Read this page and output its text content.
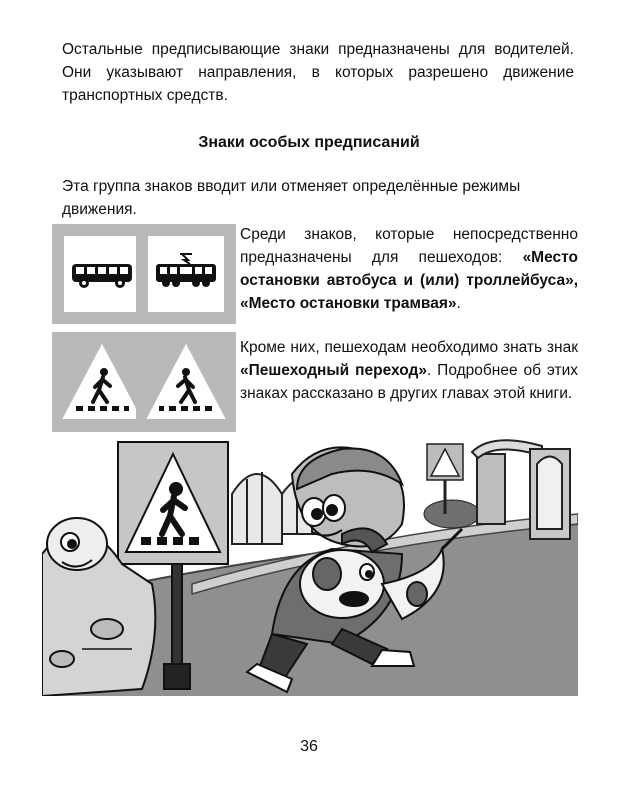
Остальные предписывающие знаки предназначены для водителей. Они указывают направления, в которых разрешено движение транспортных средств.

Знаки особых предписаний

Эта группа знаков вводит или отменяет определённые режимы движения.

Среди знаков, которые непосредственно предназначены для пешеходов: «Место остановки автобуса и (или) троллейбуса», «Место остановки трамвая».

Кроме них, пешеходам необходимо знать знак «Пешеходный переход». Подробнее об этих знаках рассказано в других главах этой книги.

36
